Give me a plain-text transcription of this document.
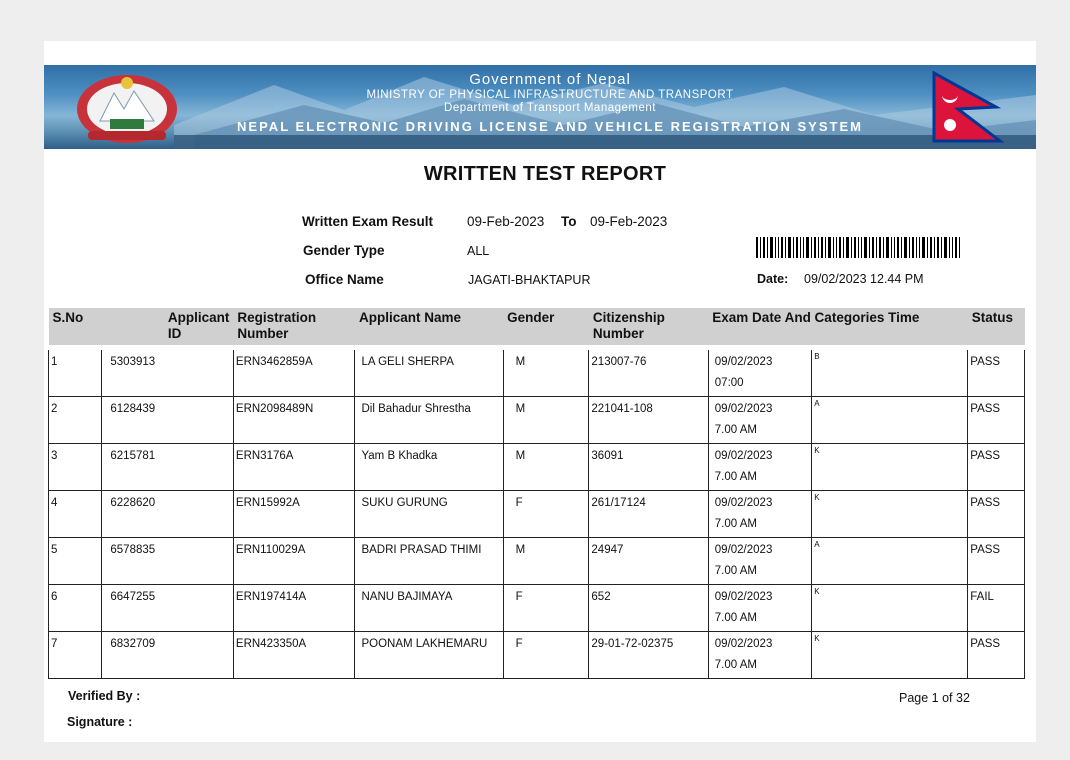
Government of Nepal
MINISTRY OF PHYSICAL INFRASTRUCTURE AND TRANSPORT
Department of Transport Management
NEPAL ELECTRONIC DRIVING LICENSE AND VEHICLE REGISTRATION SYSTEM
WRITTEN TEST REPORT
Written Exam Result	09-Feb-2023 To 09-Feb-2023
Gender Type	ALL
Office Name	JAGATI-BHAKTAPUR	Date: 09/02/2023 12.44 PM
S.No	Applicant ID	Registration Number	Applicant Name	Gender	Citizenship Number	Exam Date And Categories Time		Status
1	5303913	ERN3462859A	LA GELI SHERPA	M	213007-76	09/02/2023
07:00	B	PASS
2	6128439	ERN2098489N	Dil Bahadur Shrestha	M	221041-108	09/02/2023
7.00 AM	A	PASS
3	6215781	ERN3176A	Yam B Khadka	M	36091	09/02/2023
7.00 AM	K	PASS
4	6228620	ERN15992A	SUKU GURUNG	F	261/17124	09/02/2023
7.00 AM	K	PASS
5	6578835	ERN110029A	BADRI PRASAD THIMI	M	24947	09/02/2023
7.00 AM	A	PASS
6	6647255	ERN197414A	NANU BAJIMAYA	F	652	09/02/2023
7.00 AM	K	FAIL
7	6832709	ERN423350A	POONAM LAKHEMARU	F	29-01-72-02375	09/02/2023
7.00 AM	K	PASS
Verified By :
Signature :
Page 1 of 32
